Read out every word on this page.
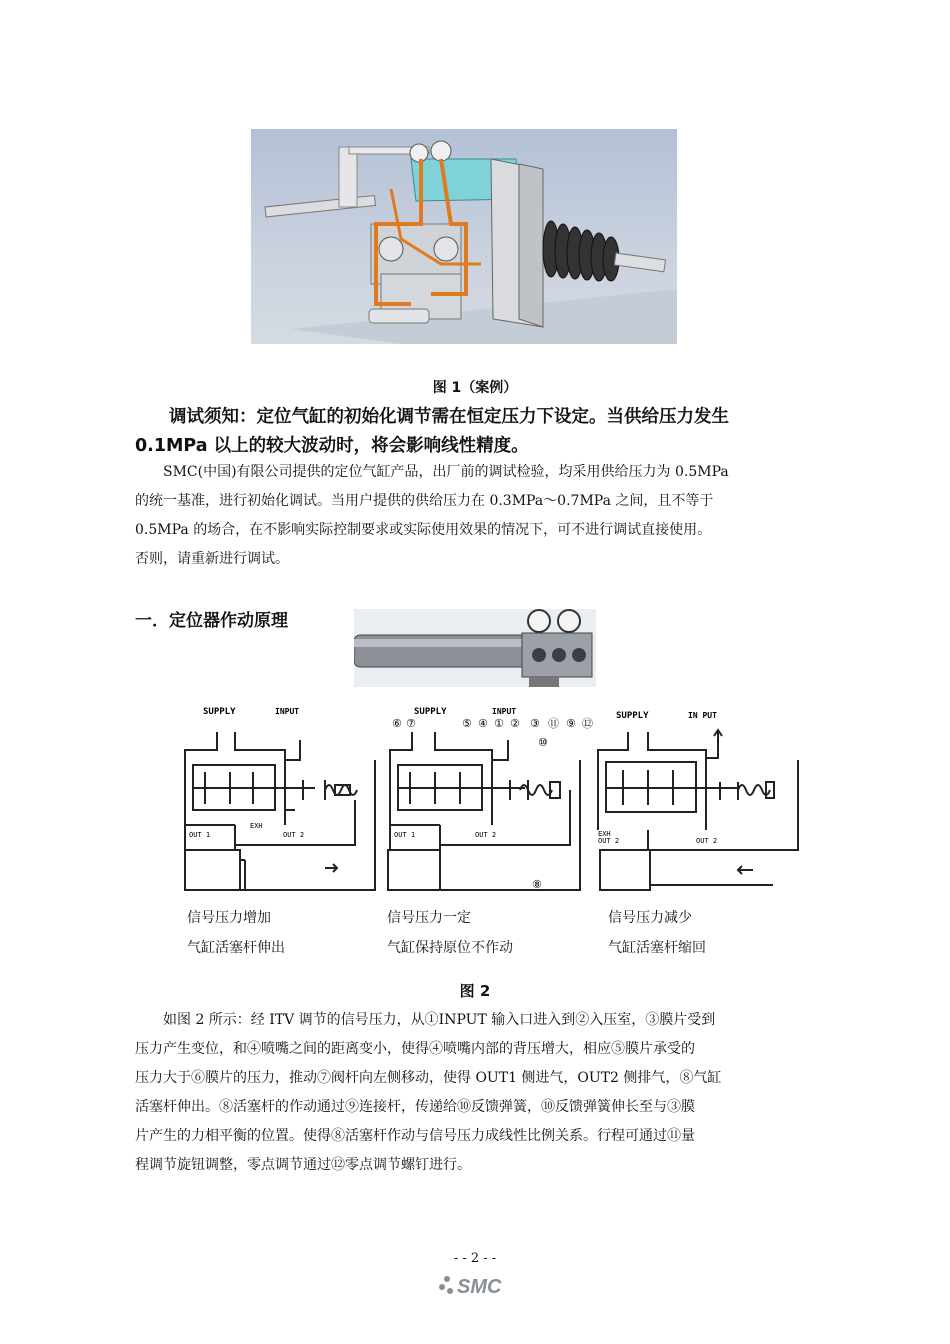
图 1（案例）
调试须知：定位气缸的初始化调节需在恒定压力下设定。当供给压力发生
0.1MPa 以上的较大波动时，将会影响线性精度。
SMC(中国)有限公司提供的定位气缸产品，出厂前的调试检验，均采用供给压力为 0.5MPa
的统一基准，进行初始化调试。当用户提供的供给压力在 0.3MPa～0.7MPa 之间，且不等于
0.5MPa 的场合，在不影响实际控制要求或实际使用效果的情况下，可不进行调试直接使用。
否则，请重新进行调试。
一．定位器作动原理
SUPPLY	INPUT
EXH
OUT 1	OUT 2
SUPPLY	INPUT
⑥ ⑦	⑤ ④ ① ② ③ ⑪ ⑨ ⑫
⑩
⑧
OUT 1	OUT 2
SUPPLY	IN PUT
EXH
OUT 2	OUT 2
信号压力增加
气缸活塞杆伸出
信号压力一定
气缸保持原位不作动
信号压力减少
气缸活塞杆缩回
图 2
如图 2 所示：经 ITV 调节的信号压力，从①INPUT 输入口进入到②入压室，③膜片受到
压力产生变位，和④喷嘴之间的距离变小，使得④喷嘴内部的背压增大，相应⑤膜片承受的
压力大于⑥膜片的压力，推动⑦阀杆向左侧移动，使得 OUT1 侧进气，OUT2 侧排气，⑧气缸
活塞杆伸出。⑧活塞杆的作动通过⑨连接杆，传递给⑩反馈弹簧，⑩反馈弹簧伸长至与③膜
片产生的力相平衡的位置。使得⑧活塞杆作动与信号压力成线性比例关系。行程可通过⑪量
程调节旋钮调整，零点调节通过⑫零点调节螺钉进行。
- - 2 - -
SMC
